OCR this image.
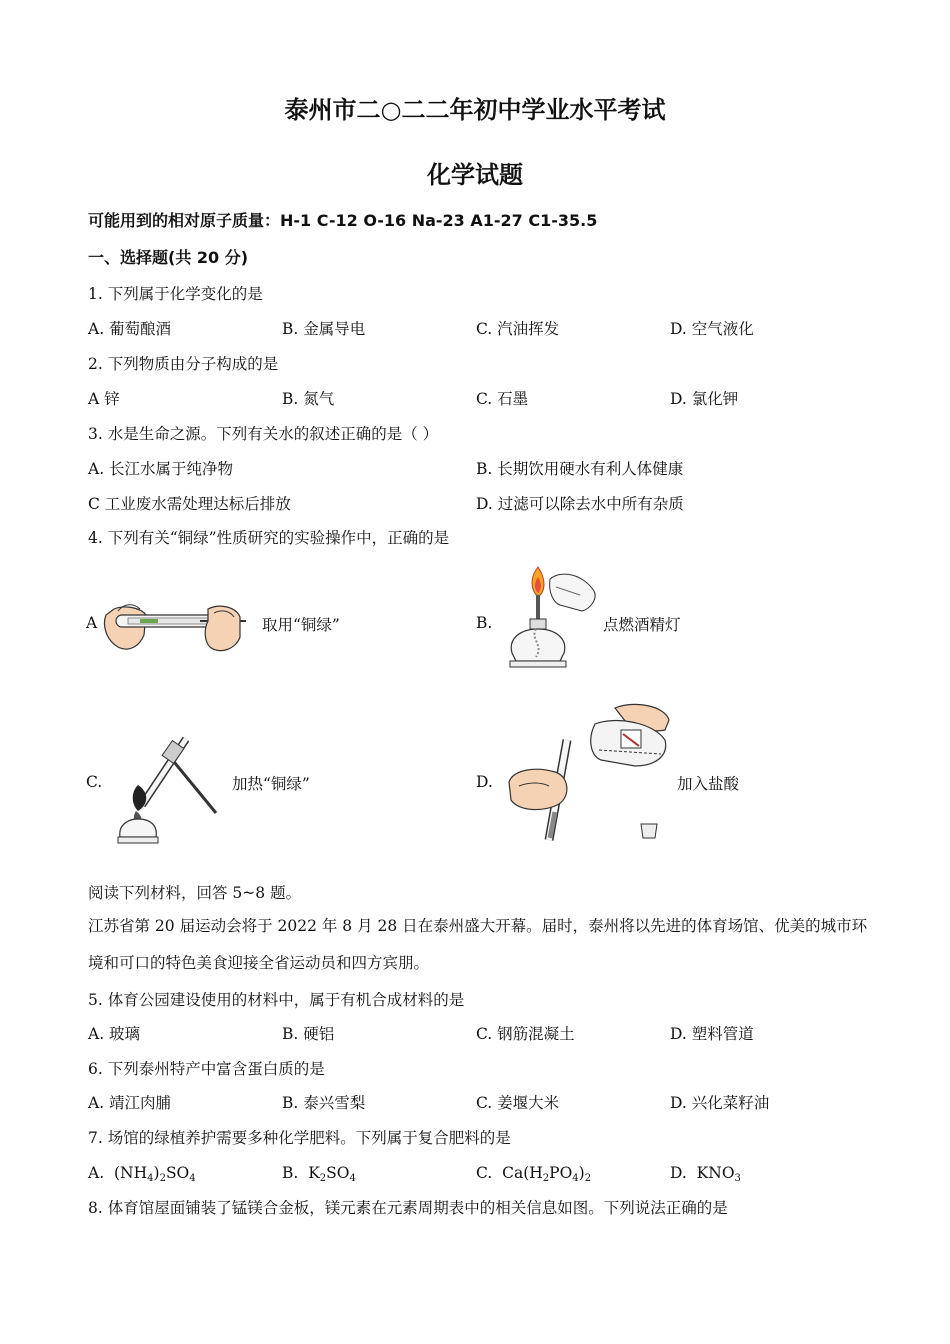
泰州市二○二二年初中学业水平考试
化学试题
可能用到的相对原子质量：H-1 C-12 O-16 Na-23 A1-27 C1-35.5
一、选择题(共 20 分)
1. 下列属于化学变化的是
A. 葡萄酿酒	B. 金属导电	C. 汽油挥发	D. 空气液化
2. 下列物质由分子构成的是
A 锌	B. 氮气	C. 石墨	D. 氯化钾
3. 水是生命之源。下列有关水的叙述正确的是（ ）
A. 长江水属于纯净物	B. 长期饮用硬水有利人体健康
C 工业废水需处理达标后排放	D. 过滤可以除去水中所有杂质
4. 下列有关“铜绿”性质研究的实验操作中，正确的是
A	取用“铜绿”	B.	点燃酒精灯
C.	加热“铜绿”	D.	加入盐酸
阅读下列材料，回答 5~8 题。
江苏省第 20 届运动会将于 2022 年 8 月 28 日在泰州盛大开幕。届时，泰州将以先进的体育场馆、优美的城市环境和可口的特色美食迎接全省运动员和四方宾朋。
5. 体育公园建设使用的材料中，属于有机合成材料的是
A. 玻璃	B. 硬铝	C. 钢筋混凝土	D. 塑料管道
6. 下列泰州特产中富含蛋白质的是
A. 靖江肉脯	B. 泰兴雪梨	C. 姜堰大米	D. 兴化菜籽油
7. 场馆的绿植养护需要多种化学肥料。下列属于复合肥料的是
A. $(NH_4)_2SO_4$	B. $K_2SO_4$	C. $Ca(H_2PO_4)_2$	D. $KNO_3$
8. 体育馆屋面铺装了锰镁合金板，镁元素在元素周期表中的相关信息如图。下列说法正确的是
